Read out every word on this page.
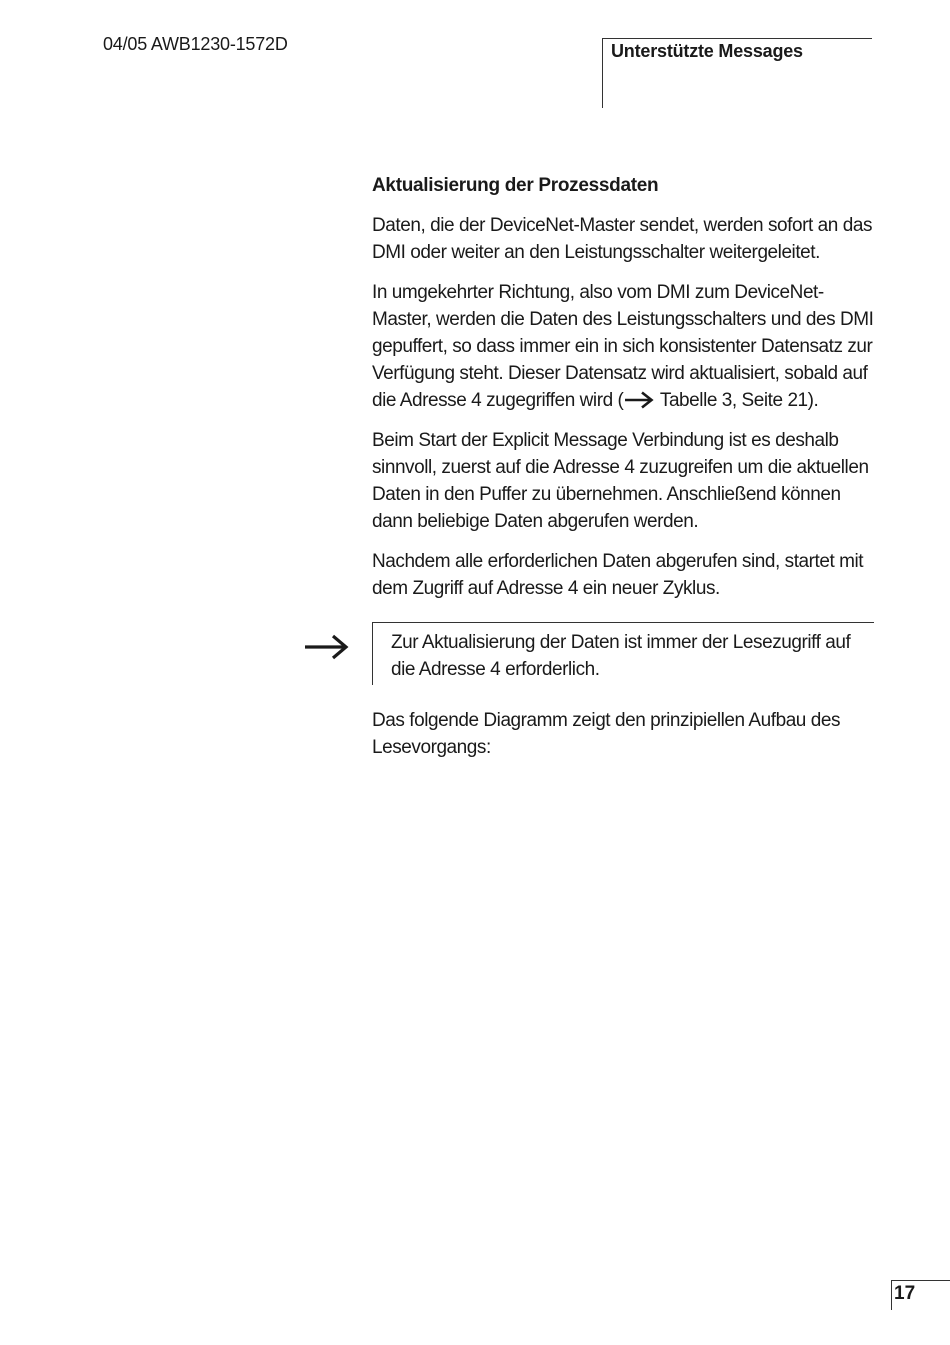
04/05 AWB1230-1572D	Unterstützte Messages
Aktualisierung der Prozessdaten

Daten, die der DeviceNet-Master sendet, werden sofort an das DMI oder weiter an den Leistungsschalter weitergeleitet.

In umgekehrter Richtung, also vom DMI zum DeviceNet-Master, werden die Daten des Leistungsschalters und des DMI gepuffert, so dass immer ein in sich konsistenter Datensatz zur Verfügung steht. Dieser Datensatz wird aktualisiert, sobald auf die Adresse 4 zugegriffen wird ( Tabelle 3, Seite 21).

Beim Start der Explicit Message Verbindung ist es deshalb sinnvoll, zuerst auf die Adresse 4 zuzugreifen um die aktuellen Daten in den Puffer zu übernehmen. Anschließend können dann beliebige Daten abgerufen werden.

Nachdem alle erforderlichen Daten abgerufen sind, startet mit dem Zugriff auf Adresse 4 ein neuer Zyklus.

Zur Aktualisierung der Daten ist immer der Lesezugriff auf die Adresse 4 erforderlich.

Das folgende Diagramm zeigt den prinzipiellen Aufbau des Lesevorgangs:

17
